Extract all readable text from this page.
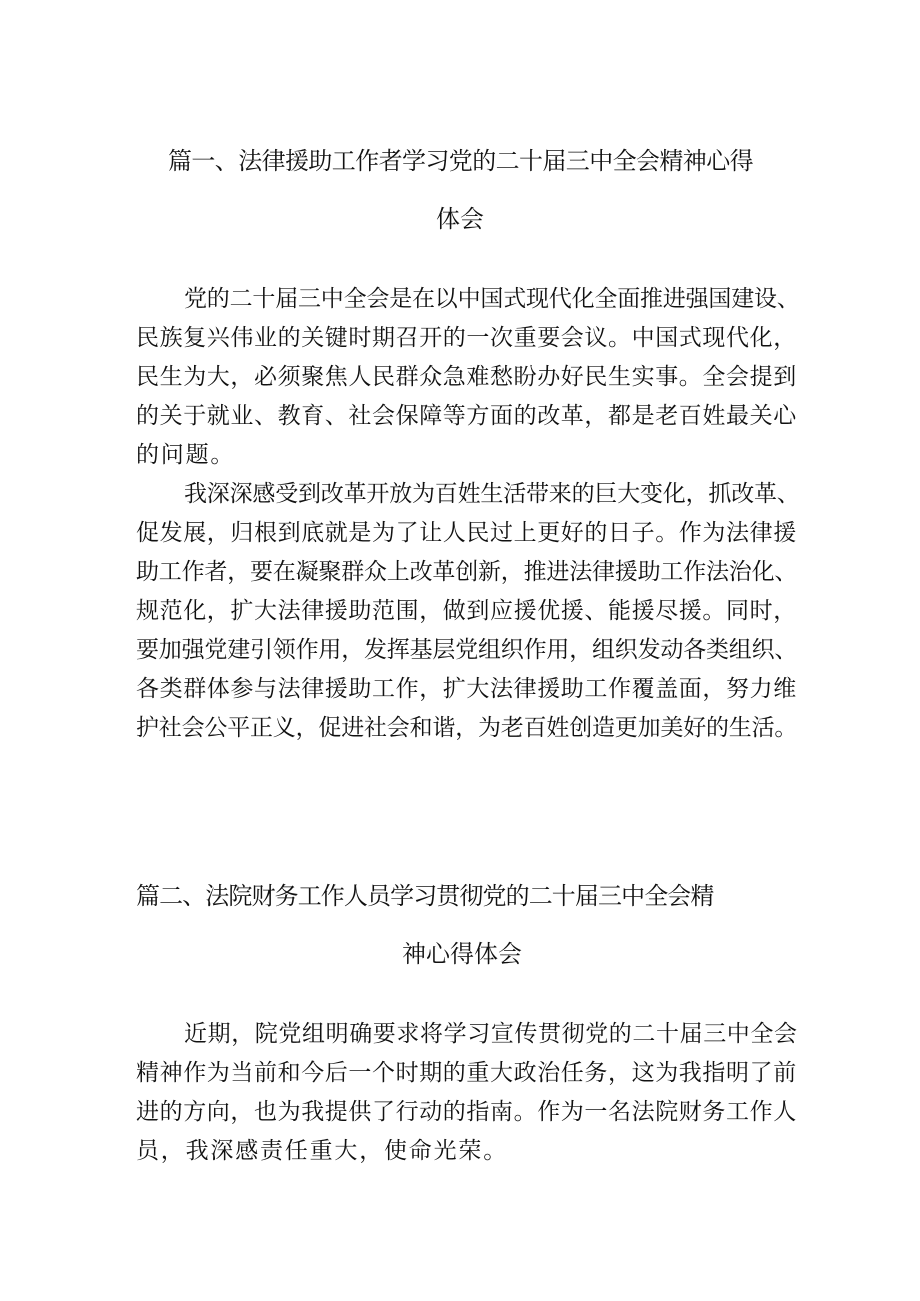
篇一、法律援助工作者学习党的二十届三中全会精神心得
体会
党的二十届三中全会是在以中国式现代化全面推进强国建设、
民族复兴伟业的关键时期召开的一次重要会议。中国式现代化，
民生为大，必须聚焦人民群众急难愁盼办好民生实事。全会提到
的关于就业、教育、社会保障等方面的改革，都是老百姓最关心
的问题。
我深深感受到改革开放为百姓生活带来的巨大变化，抓改革、
促发展，归根到底就是为了让人民过上更好的日子。作为法律援
助工作者，要在凝聚群众上改革创新，推进法律援助工作法治化、
规范化，扩大法律援助范围，做到应援优援、能援尽援。同时，
要加强党建引领作用，发挥基层党组织作用，组织发动各类组织、
各类群体参与法律援助工作，扩大法律援助工作覆盖面，努力维
护社会公平正义，促进社会和谐，为老百姓创造更加美好的生活。
篇二、法院财务工作人员学习贯彻党的二十届三中全会精
神心得体会
近期，院党组明确要求将学习宣传贯彻党的二十届三中全会
精神作为当前和今后一个时期的重大政治任务，这为我指明了前
进的方向，也为我提供了行动的指南。作为一名法院财务工作人
员，我深感责任重大，使命光荣。
